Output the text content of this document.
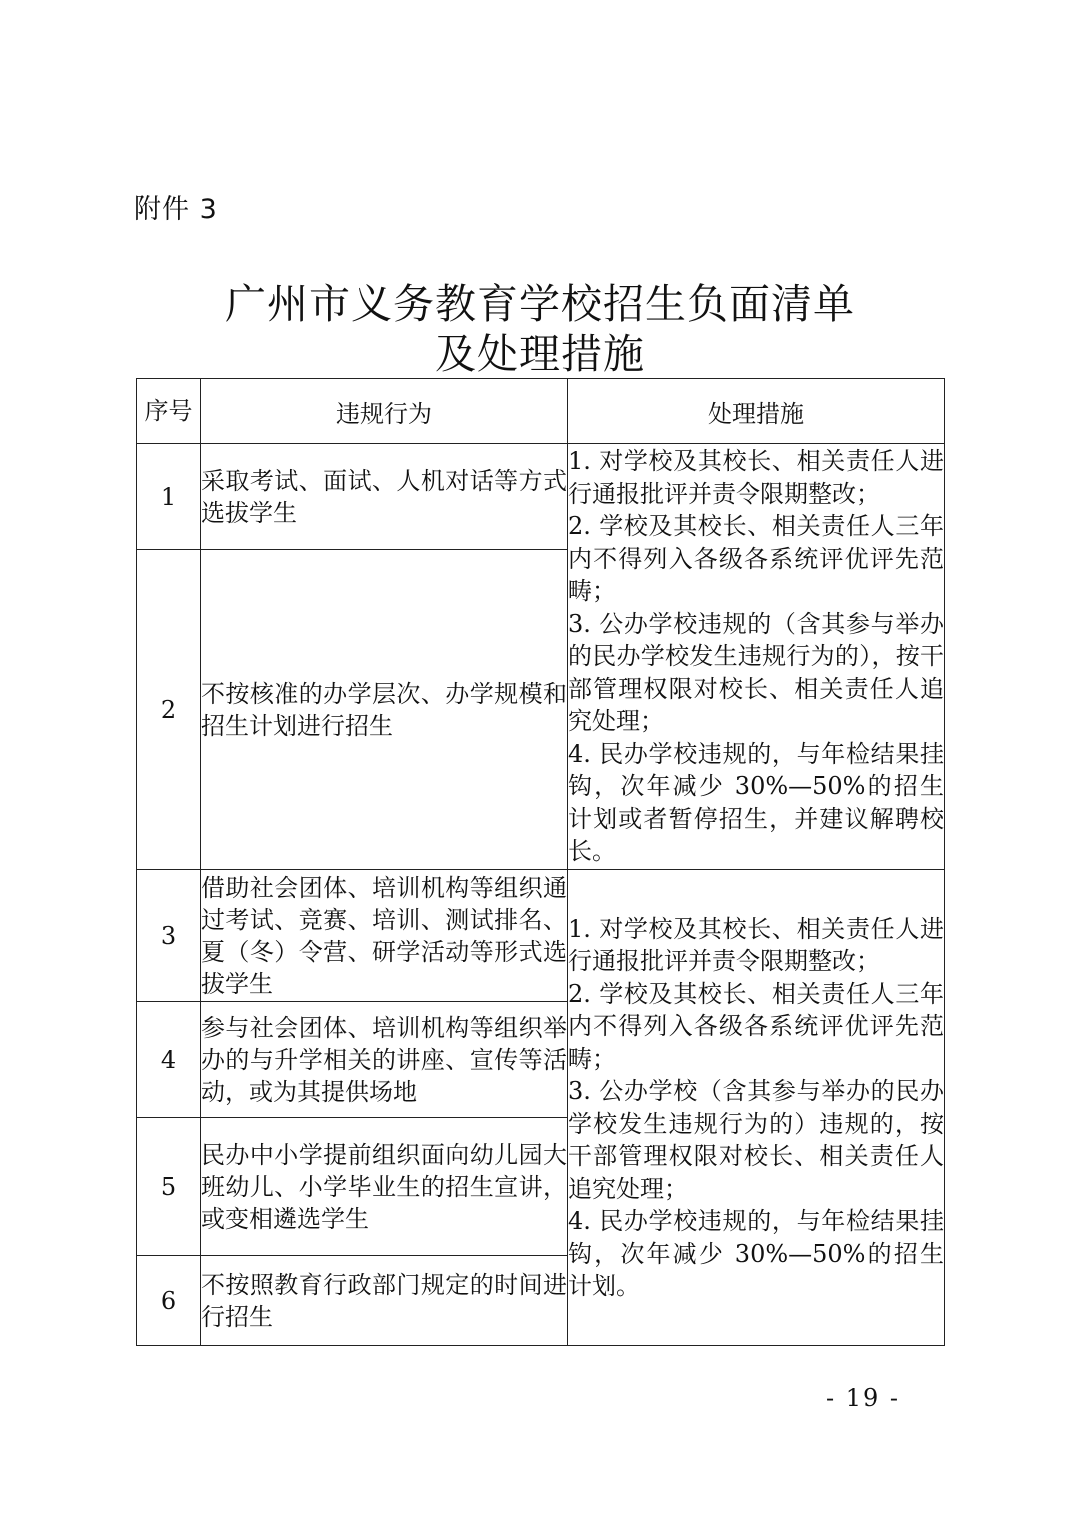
附件 3
广州市义务教育学校招生负面清单
及处理措施
序号	违规行为	处理措施
1	采取考试、面试、人机对话等方式选拔学生	1. 对学校及其校长、相关责任人进行通报批评并责令限期整改；
2. 学校及其校长、相关责任人三年内不得列入各级各系统评优评先范畴；
3. 公办学校违规的（含其参与举办的民办学校发生违规行为的），按干部管理权限对校长、相关责任人追究处理；
4. 民办学校违规的，与年检结果挂钩，次年减少 30%—50%的招生计划或者暂停招生，并建议解聘校长。

2	不按核准的办学层次、办学规模和招生计划进行招生	
3	借助社会团体、培训机构等组织通过考试、竞赛、培训、测试排名、夏（冬）令营、研学活动等形式选拔学生	1. 对学校及其校长、相关责任人进行通报批评并责令限期整改；
2. 学校及其校长、相关责任人三年内不得列入各级各系统评优评先范畴；
3. 公办学校（含其参与举办的民办学校发生违规行为的）违规的，按干部管理权限对校长、相关责任人追究处理；
4. 民办学校违规的，与年检结果挂钩，次年减少 30%—50%的招生计划。

4	参与社会团体、培训机构等组织举办的与升学相关的讲座、宣传等活动，或为其提供场地	
5	民办中小学提前组织面向幼儿园大班幼儿、小学毕业生的招生宣讲，或变相遴选学生	
6	不按照教育行政部门规定的时间进行招生	
- 19 -
